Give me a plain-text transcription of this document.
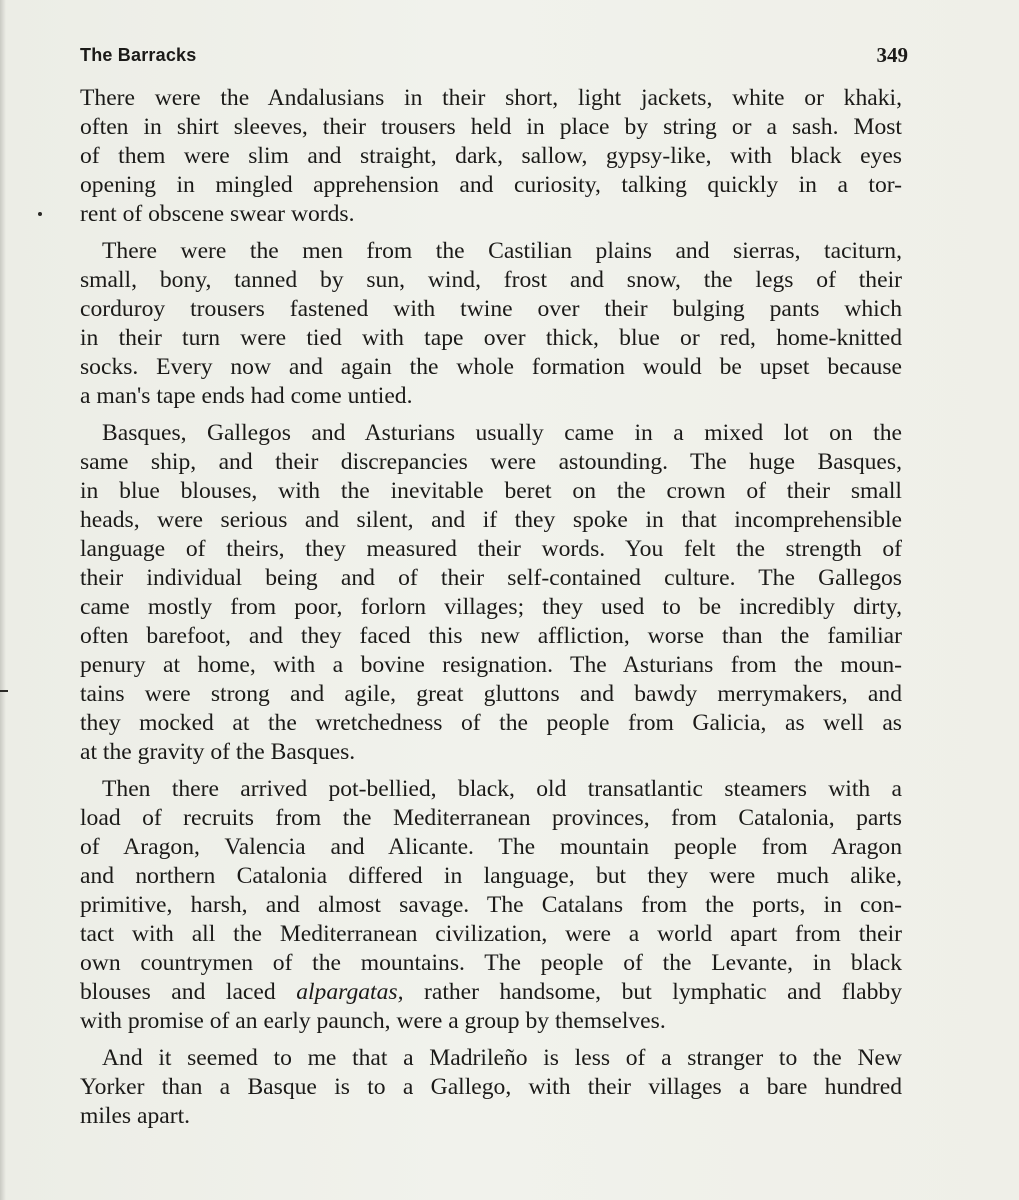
The Barracks	349

There were the Andalusians in their short, light jackets, white or khaki,
often in shirt sleeves, their trousers held in place by string or a sash. Most
of them were slim and straight, dark, sallow, gypsy-like, with black eyes
opening in mingled apprehension and curiosity, talking quickly in a tor-
rent of obscene swear words.

There were the men from the Castilian plains and sierras, taciturn,
small, bony, tanned by sun, wind, frost and snow, the legs of their
corduroy trousers fastened with twine over their bulging pants which
in their turn were tied with tape over thick, blue or red, home-knitted
socks. Every now and again the whole formation would be upset because
a man's tape ends had come untied.

Basques, Gallegos and Asturians usually came in a mixed lot on the
same ship, and their discrepancies were astounding. The huge Basques,
in blue blouses, with the inevitable beret on the crown of their small
heads, were serious and silent, and if they spoke in that incomprehensible
language of theirs, they measured their words. You felt the strength of
their individual being and of their self-contained culture. The Gallegos
came mostly from poor, forlorn villages; they used to be incredibly dirty,
often barefoot, and they faced this new affliction, worse than the familiar
penury at home, with a bovine resignation. The Asturians from the moun-
tains were strong and agile, great gluttons and bawdy merrymakers, and
they mocked at the wretchedness of the people from Galicia, as well as
at the gravity of the Basques.

Then there arrived pot-bellied, black, old transatlantic steamers with a
load of recruits from the Mediterranean provinces, from Catalonia, parts
of Aragon, Valencia and Alicante. The mountain people from Aragon
and northern Catalonia differed in language, but they were much alike,
primitive, harsh, and almost savage. The Catalans from the ports, in con-
tact with all the Mediterranean civilization, were a world apart from their
own countrymen of the mountains. The people of the Levante, in black
blouses and laced alpargatas, rather handsome, but lymphatic and flabby
with promise of an early paunch, were a group by themselves.

And it seemed to me that a Madrileño is less of a stranger to the New
Yorker than a Basque is to a Gallego, with their villages a bare hundred
miles apart.
